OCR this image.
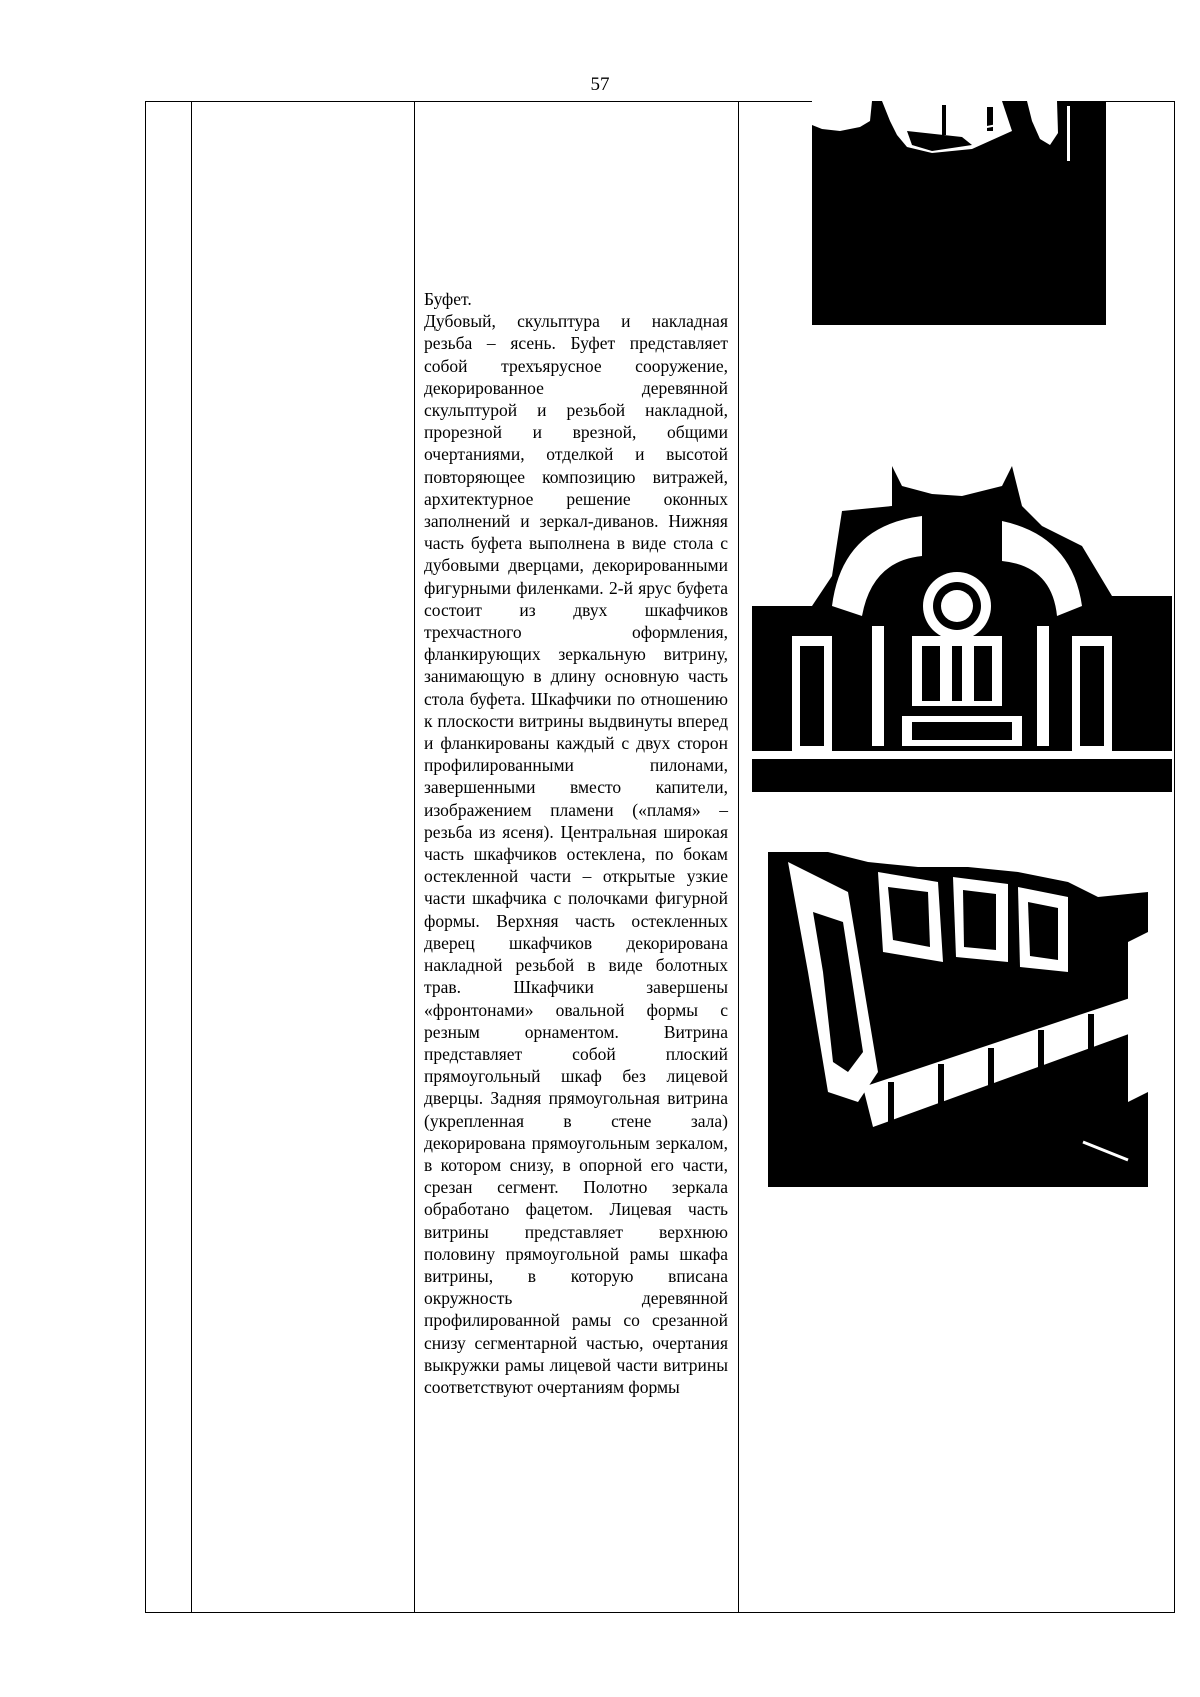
57

Буфет.

Дубовый, скульптура и накладная резьба – ясень. Буфет представляет собой трехъярусное сооружение, декорированное деревянной скульптурой и резьбой накладной, прорезной и врезной, общими очертаниями, отделкой и высотой повторяющее композицию витражей, архитектурное решение оконных заполнений и зеркал-диванов. Нижняя часть буфета выполнена в виде стола с дубовыми дверцами, декорированными фигурными филенками. 2-й ярус буфета состоит из двух шкафчиков трехчастного оформления, фланкирующих зеркальную витрину, занимающую в длину основную часть стола буфета. Шкафчики по отношению к плоскости витрины выдвинуты вперед и фланкированы каждый с двух сторон профилированными пилонами, завершенными вместо капители, изображением пламени («пламя» – резьба из ясеня). Центральная широкая часть шкафчиков остеклена, по бокам остекленной части – открытые узкие части шкафчика с полочками фигурной формы. Верхняя часть остекленных дверец шкафчиков декорирована накладной резьбой в виде болотных трав. Шкафчики завершены «фронтонами» овальной формы с резным орнаментом. Витрина представляет собой плоский прямоугольный шкаф без лицевой дверцы. Задняя прямоугольная витрина (укрепленная в стене зала) декорирована прямоугольным зеркалом, в котором снизу, в опорной его части, срезан сегмент. Полотно зеркала обработано фацетом. Лицевая часть витрины представляет верхнюю половину прямоугольной рамы шкафа витрины, в которую вписана окружность деревянной профилированной рамы со срезанной снизу сегментарной частью, очертания выкружки рамы лицевой части витрины соответствуют очертаниям формы
